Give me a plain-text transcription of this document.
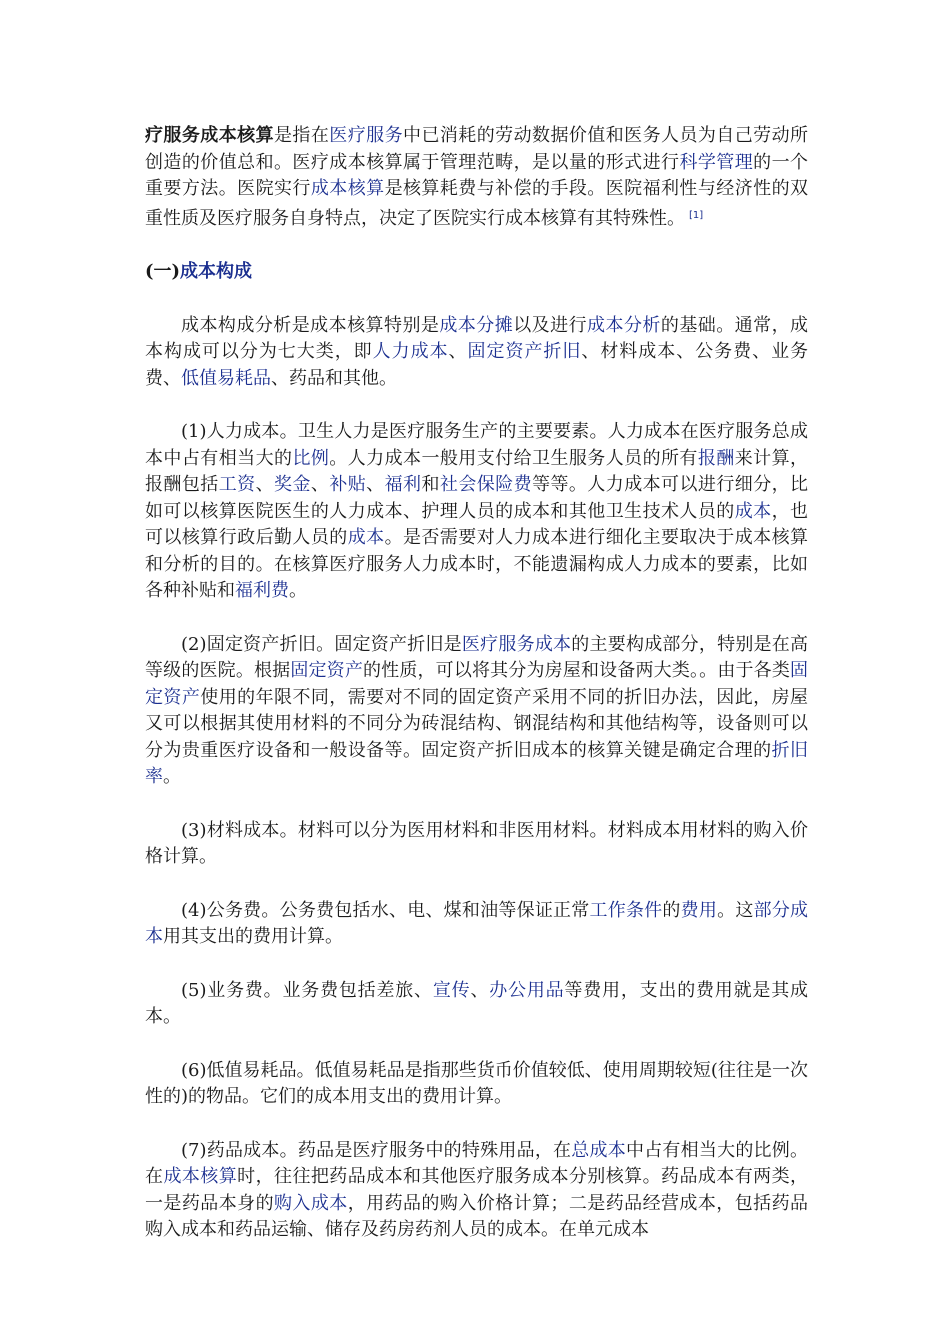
疗服务成本核算是指在医疗服务中已消耗的劳动数据价值和医务人员为自己劳动所创造的价值总和。医疗成本核算属于管理范畴，是以量的形式进行科学管理的一个重要方法。医院实行成本核算是核算耗费与补偿的手段。医院福利性与经济性的双重性质及医疗服务自身特点，决定了医院实行成本核算有其特殊性。 [1]

(一)成本构成

成本构成分析是成本核算特别是成本分摊以及进行成本分析的基础。通常，成本构成可以分为七大类，即人力成本、固定资产折旧、材料成本、公务费、业务费、低值易耗品、药品和其他。

(1)人力成本。卫生人力是医疗服务生产的主要要素。人力成本在医疗服务总成本中占有相当大的比例。人力成本一般用支付给卫生服务人员的所有报酬来计算，报酬包括工资、奖金、补贴、福利和社会保险费等等。人力成本可以进行细分，比如可以核算医院医生的人力成本、护理人员的成本和其他卫生技术人员的成本，也可以核算行政后勤人员的成本。是否需要对人力成本进行细化主要取决于成本核算和分析的目的。在核算医疗服务人力成本时，不能遗漏构成人力成本的要素，比如各种补贴和福利费。

(2)固定资产折旧。固定资产折旧是医疗服务成本的主要构成部分，特别是在高等级的医院。根据固定资产的性质，可以将其分为房屋和设备两大类。。由于各类固定资产使用的年限不同，需要对不同的固定资产采用不同的折旧办法，因此，房屋又可以根据其使用材料的不同分为砖混结构、钢混结构和其他结构等，设备则可以分为贵重医疗设备和一般设备等。固定资产折旧成本的核算关键是确定合理的折旧率。

(3)材料成本。材料可以分为医用材料和非医用材料。材料成本用材料的购入价格计算。

(4)公务费。公务费包括水、电、煤和油等保证正常工作条件的费用。这部分成本用其支出的费用计算。

(5)业务费。业务费包括差旅、宣传、办公用品等费用，支出的费用就是其成本。

(6)低值易耗品。低值易耗品是指那些货币价值较低、使用周期较短(往往是一次性的)的物品。它们的成本用支出的费用计算。

(7)药品成本。药品是医疗服务中的特殊用品，在总成本中占有相当大的比例。在成本核算时，往往把药品成本和其他医疗服务成本分别核算。药品成本有两类，一是药品本身的购入成本，用药品的购入价格计算；二是药品经营成本，包括药品购入成本和药品运输、储存及药房药剂人员的成本。在单元成本
